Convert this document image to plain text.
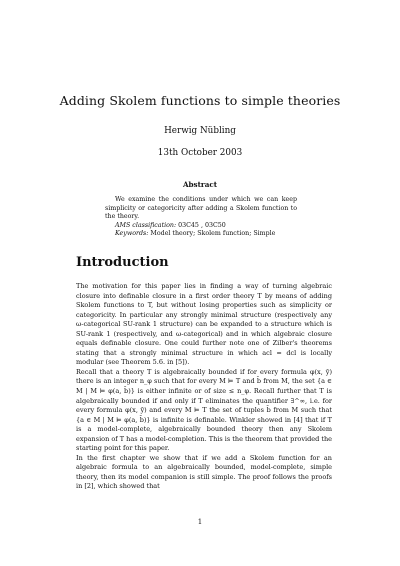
Adding Skolem functions to simple theories
Herwig Nübling
13th October 2003
Abstract

We examine the conditions under which we can keep simplicity or categoricity after adding a Skolem function to the theory.

AMS classification: 03C45 , 03C50

Keywords: Model theory; Skolem function; Simple

Introduction

The motivation for this paper lies in finding a way of turning algebraic closure into definable closure in a first order theory T by means of adding Skolem functions to T, but without losing properties such as simplicity or categoricity. In particular any strongly minimal structure (respectively any ω-categorical SU-rank 1 structure) can be expanded to a structure which is SU-rank 1 (respectively, and ω-categorical) and in which algebraic closure equals definable closure. One could further note one of Zilber's theorems stating that a strongly minimal structure in which acl = dcl is locally modular (see Theorem 5.6. in [5]).

Recall that a theory T is algebraically bounded if for every formula φ(x, ȳ) there is an integer n_φ such that for every M ⊨ T and b̄ from M, the set {a ∈ M | M ⊨ φ(a, b̄)} is either infinite or of size ≤ n_φ. Recall further that T is algebraically bounded if and only if T eliminates the quantifier ∃^∞, i.e. for every formula φ(x, ȳ) and every M ⊨ T the set of tuples b̄ from M such that {a ∈ M | M ⊨ φ(a, b̄)} is infinite is definable. Winkler showed in [4] that if T is a model-complete, algebraically bounded theory then any Skolem expansion of T has a model-completion. This is the theorem that provided the starting point for this paper.

In the first chapter we show that if we add a Skolem function for an algebraic formula to an algebraically bounded, model-complete, simple theory, then its model companion is still simple. The proof follows the proofs in [2], which showed that

1
